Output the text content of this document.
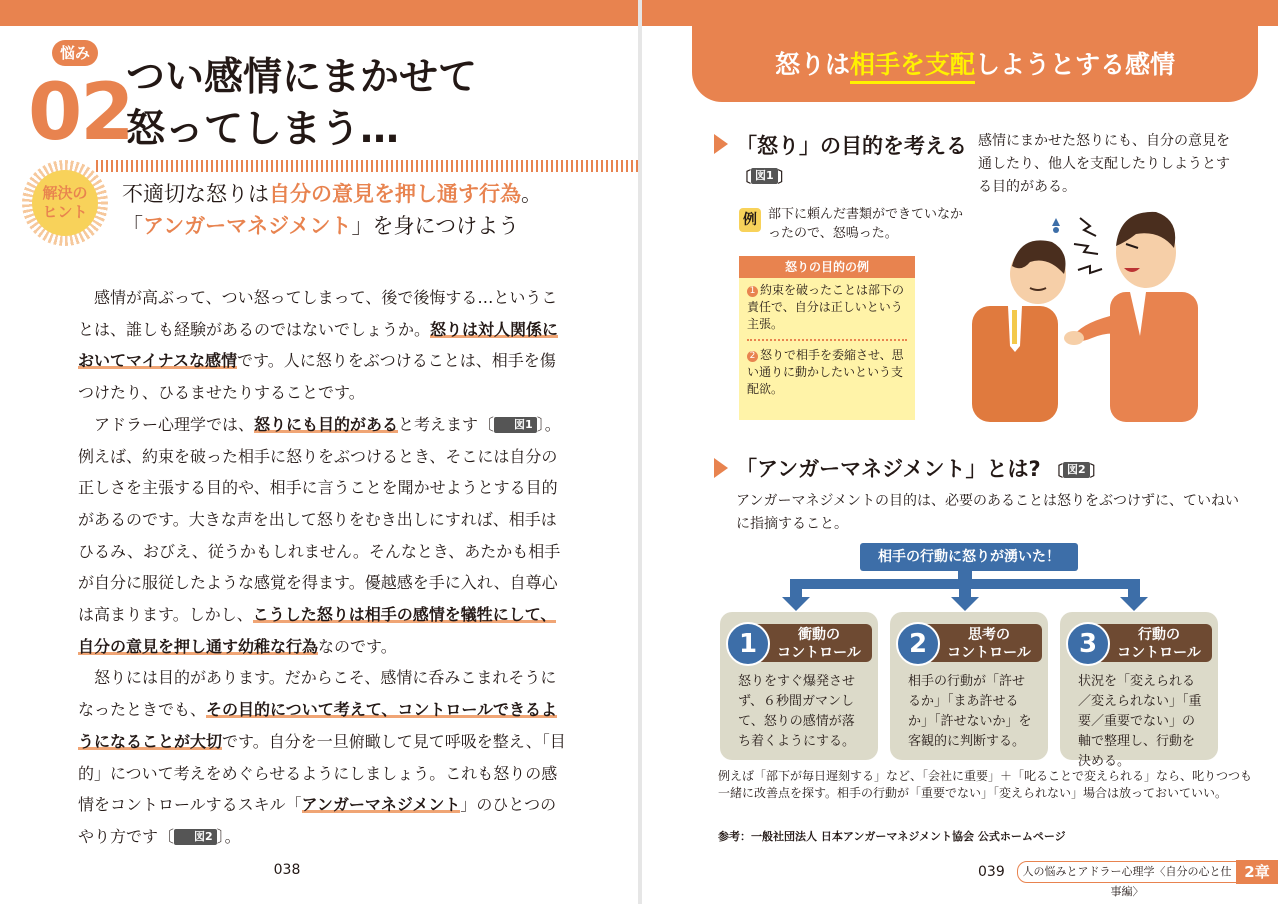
悩み
02
つい感情にまかせて
怒ってしまう…
解決の
ヒント
不適切な怒りは自分の意見を押し通す行為。
「アンガーマネジメント」を身につけよう

感情が高ぶって、つい怒ってしまって、後で後悔する…ということは、誰しも経験があるのではないでしょうか。怒りは対人関係においてマイナスな感情です。人に怒りをぶつけることは、相手を傷つけたり、ひるませたりすることです。

アドラー心理学では、怒りにも目的があると考えます〔 図1 〕。例えば、約束を破った相手に怒りをぶつけるとき、そこには自分の正しさを主張する目的や、相手に言うことを聞かせようとする目的があるのです。大きな声を出して怒りをむき出しにすれば、相手はひるみ、おびえ、従うかもしれません。そんなとき、あたかも相手が自分に服従したような感覚を得ます。優越感を手に入れ、自尊心は高まります。しかし、こうした怒りは相手の感情を犠牲にして、自分の意見を押し通す幼稚な行為なのです。

怒りには目的があります。だからこそ、感情に呑みこまれそうになったときでも、その目的について考えて、コントロールできるようになることが大切です。自分を一旦俯瞰して見て呼吸を整え、「目的」について考えをめぐらせるようにしましょう。これも怒りの感情をコントロールするスキル「アンガーマネジメント」のひとつのやり方です〔 図2 〕。

038
怒りは相手を支配しようとする感情
「怒り」の目的を考える
〔 図1 〕
感情にまかせた怒りにも、自分の意見を通したり、他人を支配したりしようとする目的がある。
例 部下に頼んだ書類ができていなかったので、怒鳴った。
怒りの目的の例
1 約束を破ったことは部下の責任で、自分は正しいという主張。
2 怒りで相手を委縮させ、思い通りに動かしたいという支配欲。
「アンガーマネジメント」とは? 〔 図2 〕
アンガーマネジメントの目的は、必要のあることは怒りをぶつけずに、ていねいに指摘すること。
相手の行動に怒りが湧いた！
1	衝動の
コントロール
怒りをすぐ爆発させず、６秒間ガマンして、怒りの感情が落ち着くようにする。
2	思考の
コントロール
相手の行動が「許せるか」「まあ許せるか」「許せないか」を客観的に判断する。
3	行動の
コントロール
状況を「変えられる／変えられない」「重要／重要でない」の軸で整理し、行動を決める。
例えば「部下が毎日遅刻する」など、「会社に重要」＋「叱ることで変えられる」なら、叱りつつも一緒に改善点を探す。相手の行動が「重要でない」「変えられない」場合は放っておいていい。
参考：一般社団法人 日本アンガーマネジメント協会 公式ホームページ
039	人の悩みとアドラー心理学〈自分の心と仕事編〉
2章
